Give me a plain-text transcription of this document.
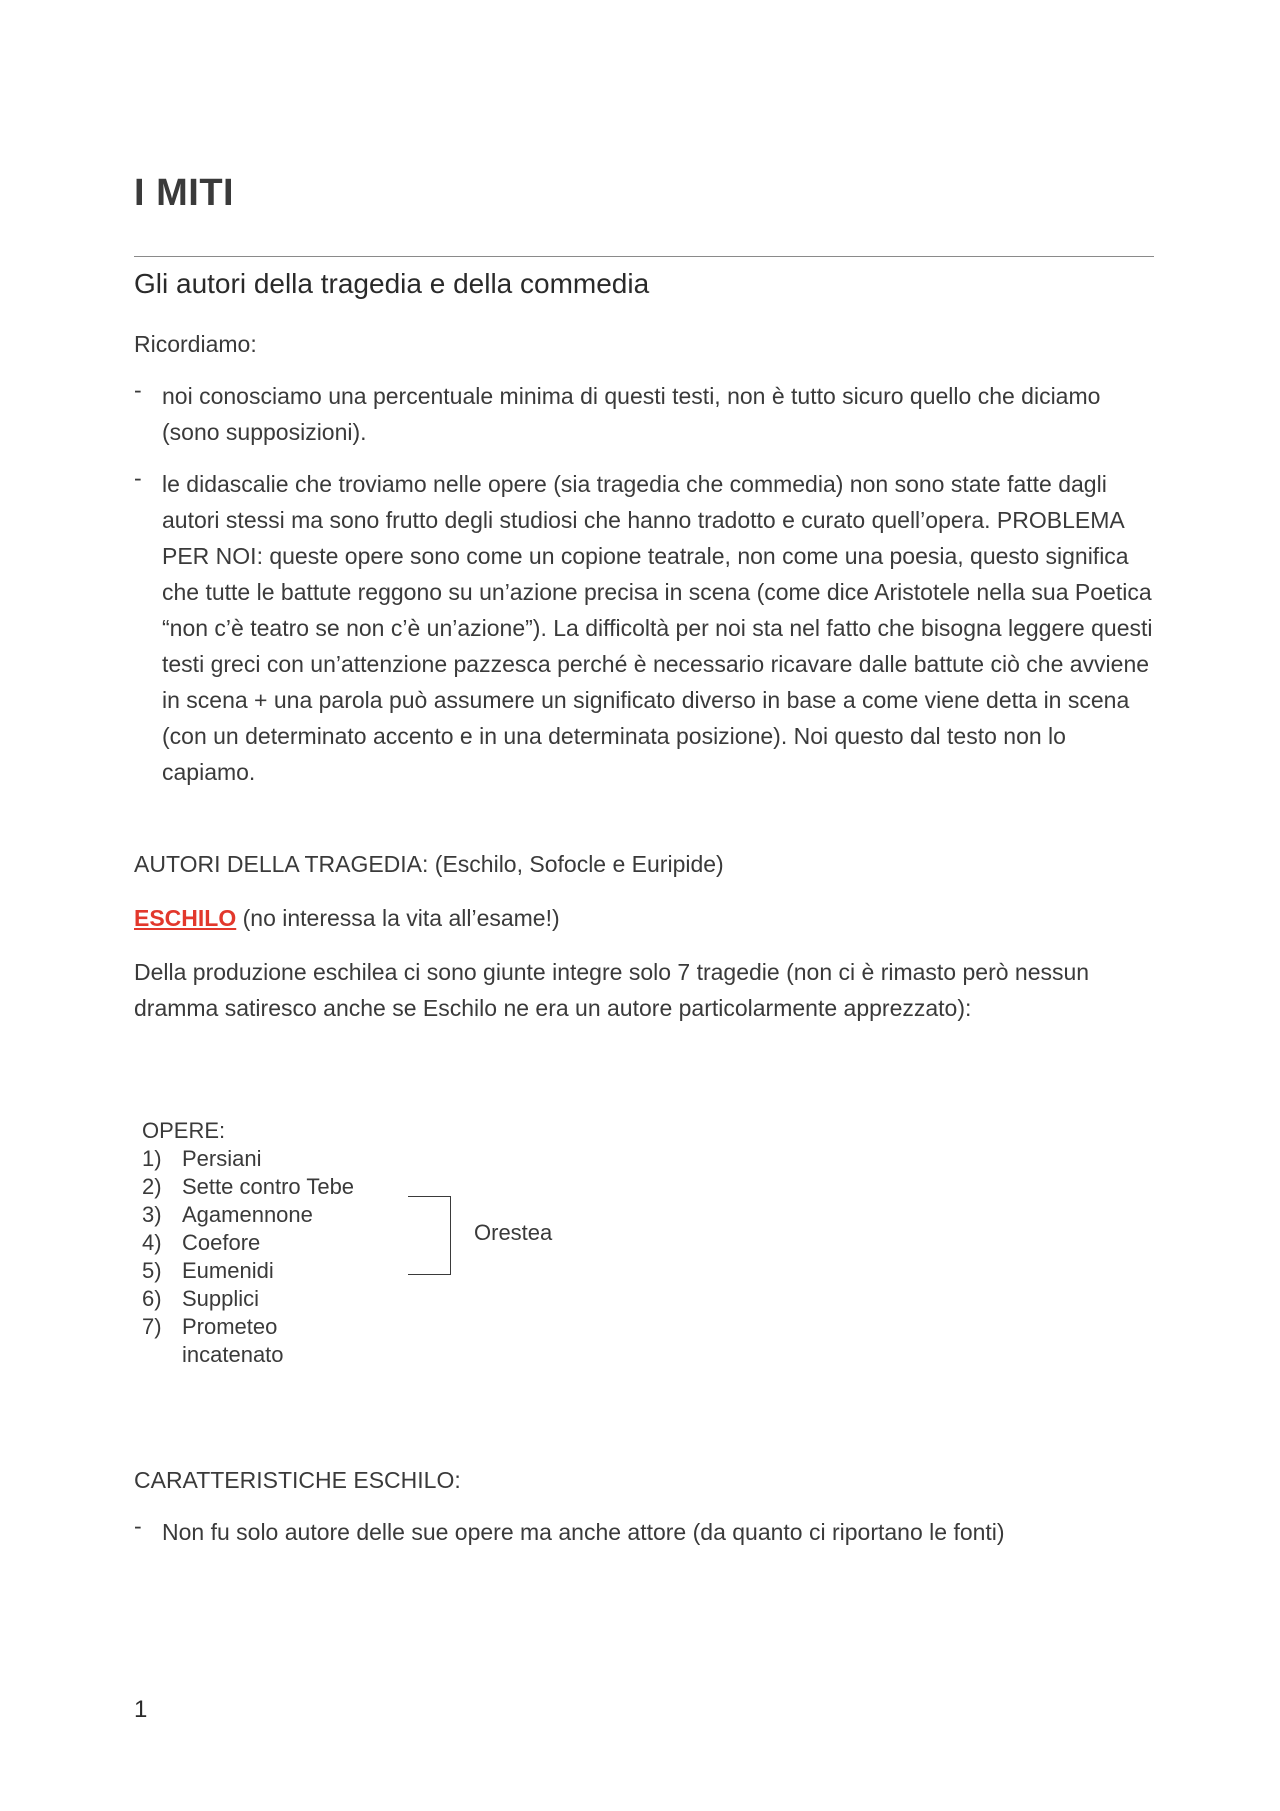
I MITI
Gli autori della tragedia e della commedia

Ricordiamo:

- noi conosciamo una percentuale minima di questi testi, non è tutto sicuro quello che diciamo (sono supposizioni).
- le didascalie che troviamo nelle opere (sia tragedia che commedia) non sono state fatte dagli autori stessi ma sono frutto degli studiosi che hanno tradotto e curato quell’opera. PROBLEMA PER NOI: queste opere sono come un copione teatrale, non come una poesia, questo significa che tutte le battute reggono su un’azione precisa in scena (come dice Aristotele nella sua Poetica “non c’è teatro se non c’è un’azione”). La difficoltà per noi sta nel fatto che bisogna leggere questi testi greci con un’attenzione pazzesca perché è necessario ricavare dalle battute ciò che avviene in scena + una parola può assumere un significato diverso in base a come viene detta in scena (con un determinato accento e in una determinata posizione). Noi questo dal testo non lo capiamo.

AUTORI DELLA TRAGEDIA: (Eschilo, Sofocle e Euripide)

ESCHILO (no interessa la vita all’esame!)

Della produzione eschilea ci sono giunte integre solo 7 tragedie (non ci è rimasto però nessun dramma satiresco anche se Eschilo ne era un autore particolarmente apprezzato):

OPERE:
1) Persiani
2) Sette contro Tebe
3) Agamennone
4) Coefore
5) Eumenidi
6) Supplici
7) Prometeo incatenato
Orestea

CARATTERISTICHE ESCHILO:

- Non fu solo autore delle sue opere ma anche attore (da quanto ci riportano le fonti)
1
